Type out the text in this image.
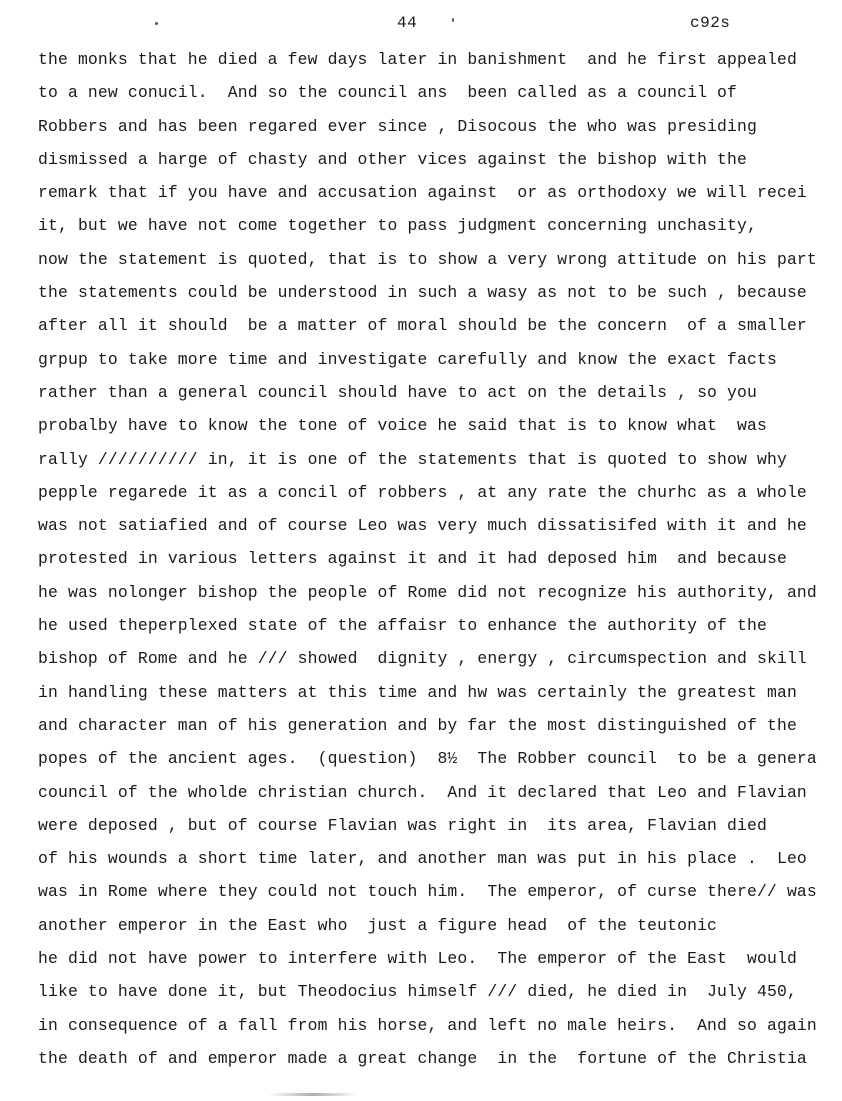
44	c92s
the monks that he died a few days later in banishment  and he first appealed
to a new conucil.  And so the council ans  been called as a council of
Robbers and has been regared ever since , Disocous the who was presiding
dismissed a harge of chasty and other vices against the bishop with the
remark that if you have and accusation against  or as orthodoxy we will recei
it, but we have not come together to pass judgment concerning unchasity,
now the statement is quoted, that is to show a very wrong attitude on his part
the statements could be understood in such a wasy as not to be such , because
after all it should  be a matter of moral should be the concern  of a smaller
grpup to take more time and investigate carefully and know the exact facts
rather than a general council should have to act on the details , so you
probalby have to know the tone of voice he said that is to know what  was
rally ////////// in, it is one of the statements that is quoted to show why
pepple regarede it as a concil of robbers , at any rate the churhc as a whole
was not satiafied and of course Leo was very much dissatisifed with it and he
protested in various letters against it and it had deposed him  and because
he was nolonger bishop the people of Rome did not recognize his authority, and
he used theperplexed state of the affaisr to enhance the authority of the
bishop of Rome and he /// showed  dignity , energy , circumspection and skill
in handling these matters at this time and hw was certainly the greatest man
and character man of his generation and by far the most distinguished of the
popes of the ancient ages.  (question)  8½  The Robber council  to be a genera
council of the wholde christian church.  And it declared that Leo and Flavian
were deposed , but of course Flavian was right in  its area, Flavian died
of his wounds a short time later, and another man was put in his place .  Leo
was in Rome where they could not touch him.  The emperor, of curse there// was
another emperor in the East who  just a figure head  of the teutonic
he did not have power to interfere with Leo.  The emperor of the East  would
like to have done it, but Theodocius himself /// died, he died in  July 450,
in consequence of a fall from his horse, and left no male heirs.  And so again
the death of and emperor made a great change  in the  fortune of the Christia
